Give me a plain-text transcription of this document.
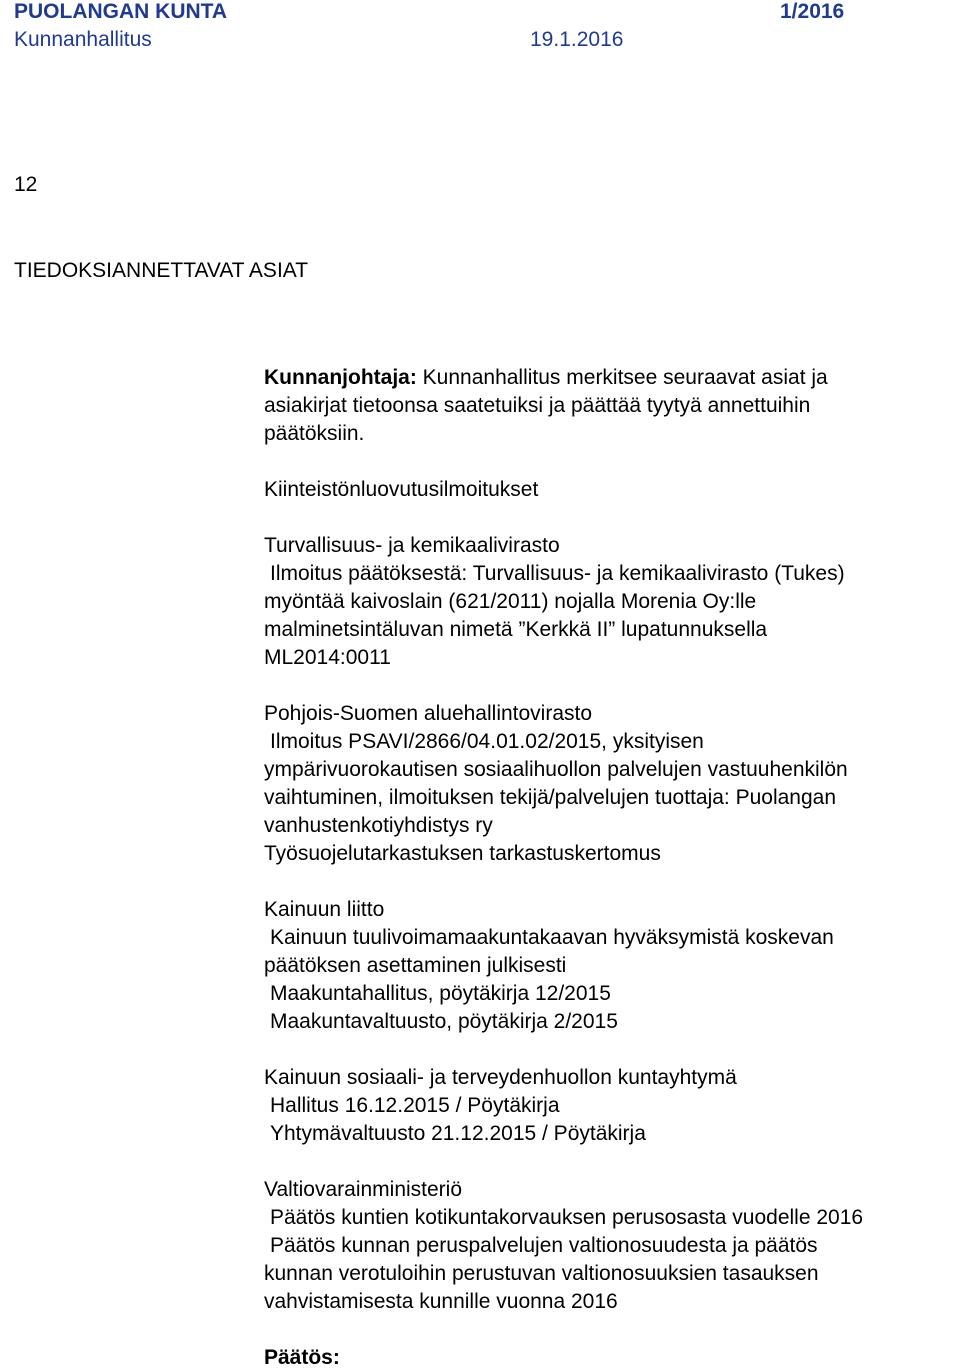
PUOLANGAN KUNTA	1/2016
Kunnanhallitus	19.1.2016
12
TIEDOKSIANNETTAVAT ASIAT
Kunnanjohtaja: Kunnanhallitus merkitsee seuraavat asiat ja
asiakirjat tietoonsa saatetuiksi ja päättää tyytyä annettuihin
päätöksiin.
Kiinteistönluovutusilmoitukset
Turvallisuus- ja kemikaalivirasto
Ilmoitus päätöksestä: Turvallisuus- ja kemikaalivirasto (Tukes)
myöntää kaivoslain (621/2011) nojalla Morenia Oy:lle
malminetsintäluvan nimetä ”Kerkkä II” lupatunnuksella
ML2014:0011
Pohjois-Suomen aluehallintovirasto
Ilmoitus PSAVI/2866/04.01.02/2015, yksityisen
ympärivuorokautisen sosiaalihuollon palvelujen vastuuhenkilön
vaihtuminen, ilmoituksen tekijä/palvelujen tuottaja: Puolangan
vanhustenkotiyhdistys ry
Työsuojelutarkastuksen tarkastuskertomus
Kainuun liitto
Kainuun tuulivoimamaakuntakaavan hyväksymistä koskevan
päätöksen asettaminen julkisesti
Maakuntahallitus, pöytäkirja 12/2015
Maakuntavaltuusto, pöytäkirja 2/2015
Kainuun sosiaali- ja terveydenhuollon kuntayhtymä
Hallitus 16.12.2015 / Pöytäkirja
Yhtymävaltuusto 21.12.2015 / Pöytäkirja
Valtiovarainministeriö
Päätös kuntien kotikuntakorvauksen perusosasta vuodelle 2016
Päätös kunnan peruspalvelujen valtionosuudesta ja päätös
kunnan verotuloihin perustuvan valtionosuuksien tasauksen
vahvistamisesta kunnille vuonna 2016
Päätös:
